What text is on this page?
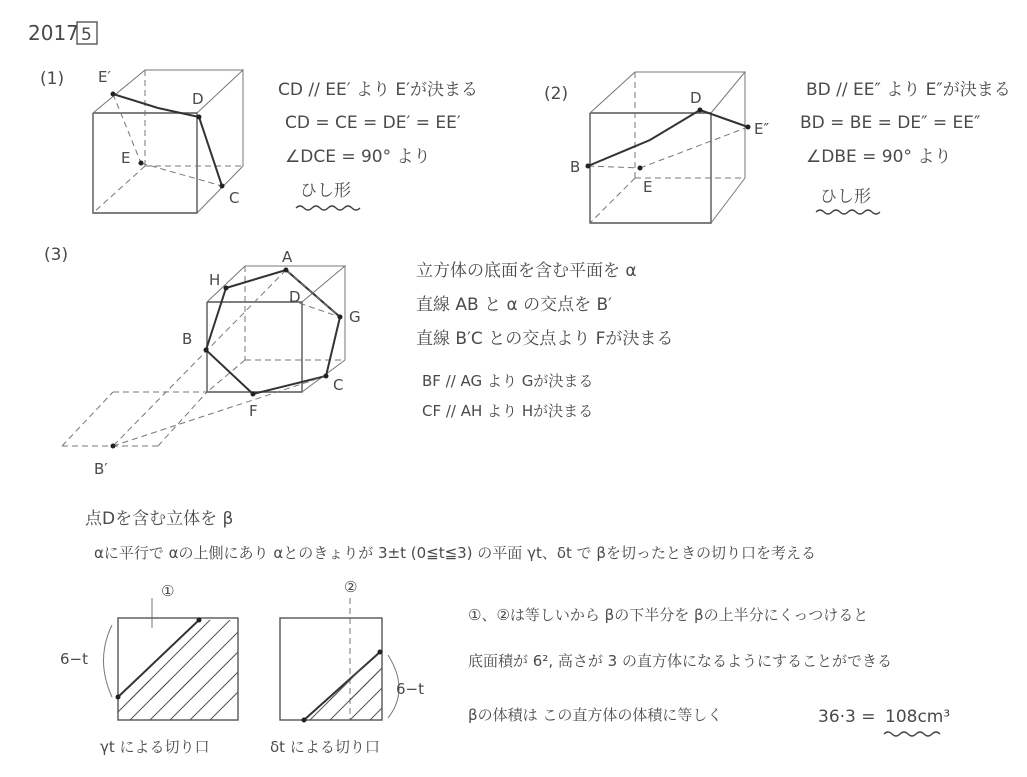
2017 5
(1) E′
D
E
C
CD // EE′ より E′が決まる
CD = CE = DE′ = EE′
∠DCE = 90° より
ひし形
(2)	D
E″
B
E
BD // EE″ より E″が決まる
BD = BE = DE″ = EE″
∠DBE = 90° より
ひし形
(3)	A
H
D
G
B
C
F
B′
立方体の底面を含む平面を α
直線 AB と α の交点を B′
直線 B′C との交点より Fが決まる
BF // AG より Gが決まる
CF // AH より Hが決まる
点Dを含む立体を β
αに平行で αの上側にあり αとのきょりが 3±t (0≦t≦3) の平面 γt、δt で βを切ったときの切り口を考える
①
6−t
γt による切り口
②
6−t
δt による切り口
①、②は等しいから βの下半分を βの上半分にくっつけると
底面積が 6², 高さが 3 の直方体になるようにすることができる
βの体積は この直方体の体積に等しく	36·3 = 108cm³
